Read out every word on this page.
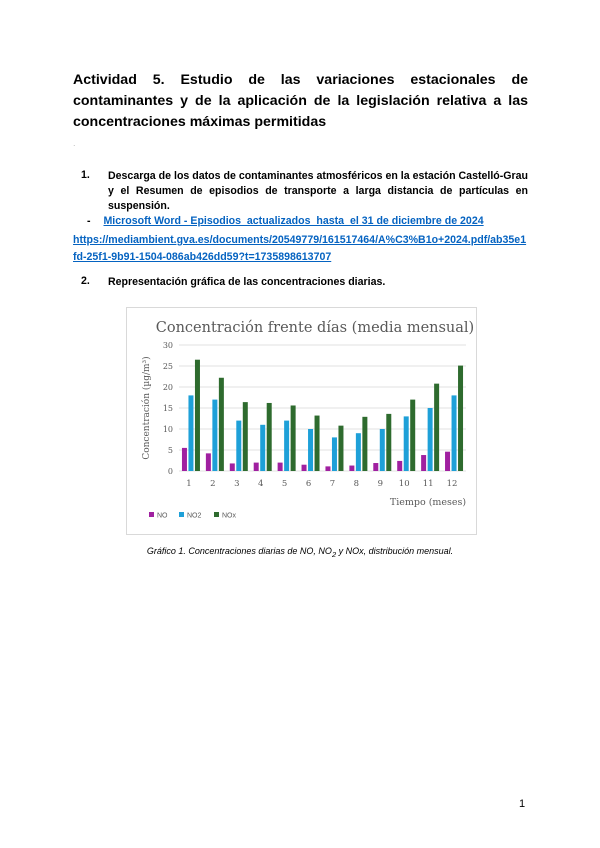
Actividad 5. Estudio de las variaciones estacionales de contaminantes y de la aplicación de la legislación relativa a las concentraciones máximas permitidas
.
1. Descarga de los datos de contaminantes atmosféricos en la estación Castelló-Grau y el Resumen de episodios de transporte a larga distancia de partículas en suspensión.
- Microsoft Word - Episodios_actualizados_hasta_el 31 de diciembre de 2024
https://mediambient.gva.es/documents/20549779/161517464/A%C3%B1o+2024.pdf/ab35e1fd-25f1-9b91-1504-086ab426dd59?t=1735898613707
2. Representación gráfica de las concentraciones diarias.
Concentración frente días (media mensual)
0
5
10
15
20
25
30
Concentración (µg/m³)
1 2 3 4 5 6 7 8 9 10 11 12
Tiempo (meses)
NO	NO2	NOx
Gráfico 1. Concentraciones diarias de NO, $NO_2$ y NOx, distribución mensual.
1
